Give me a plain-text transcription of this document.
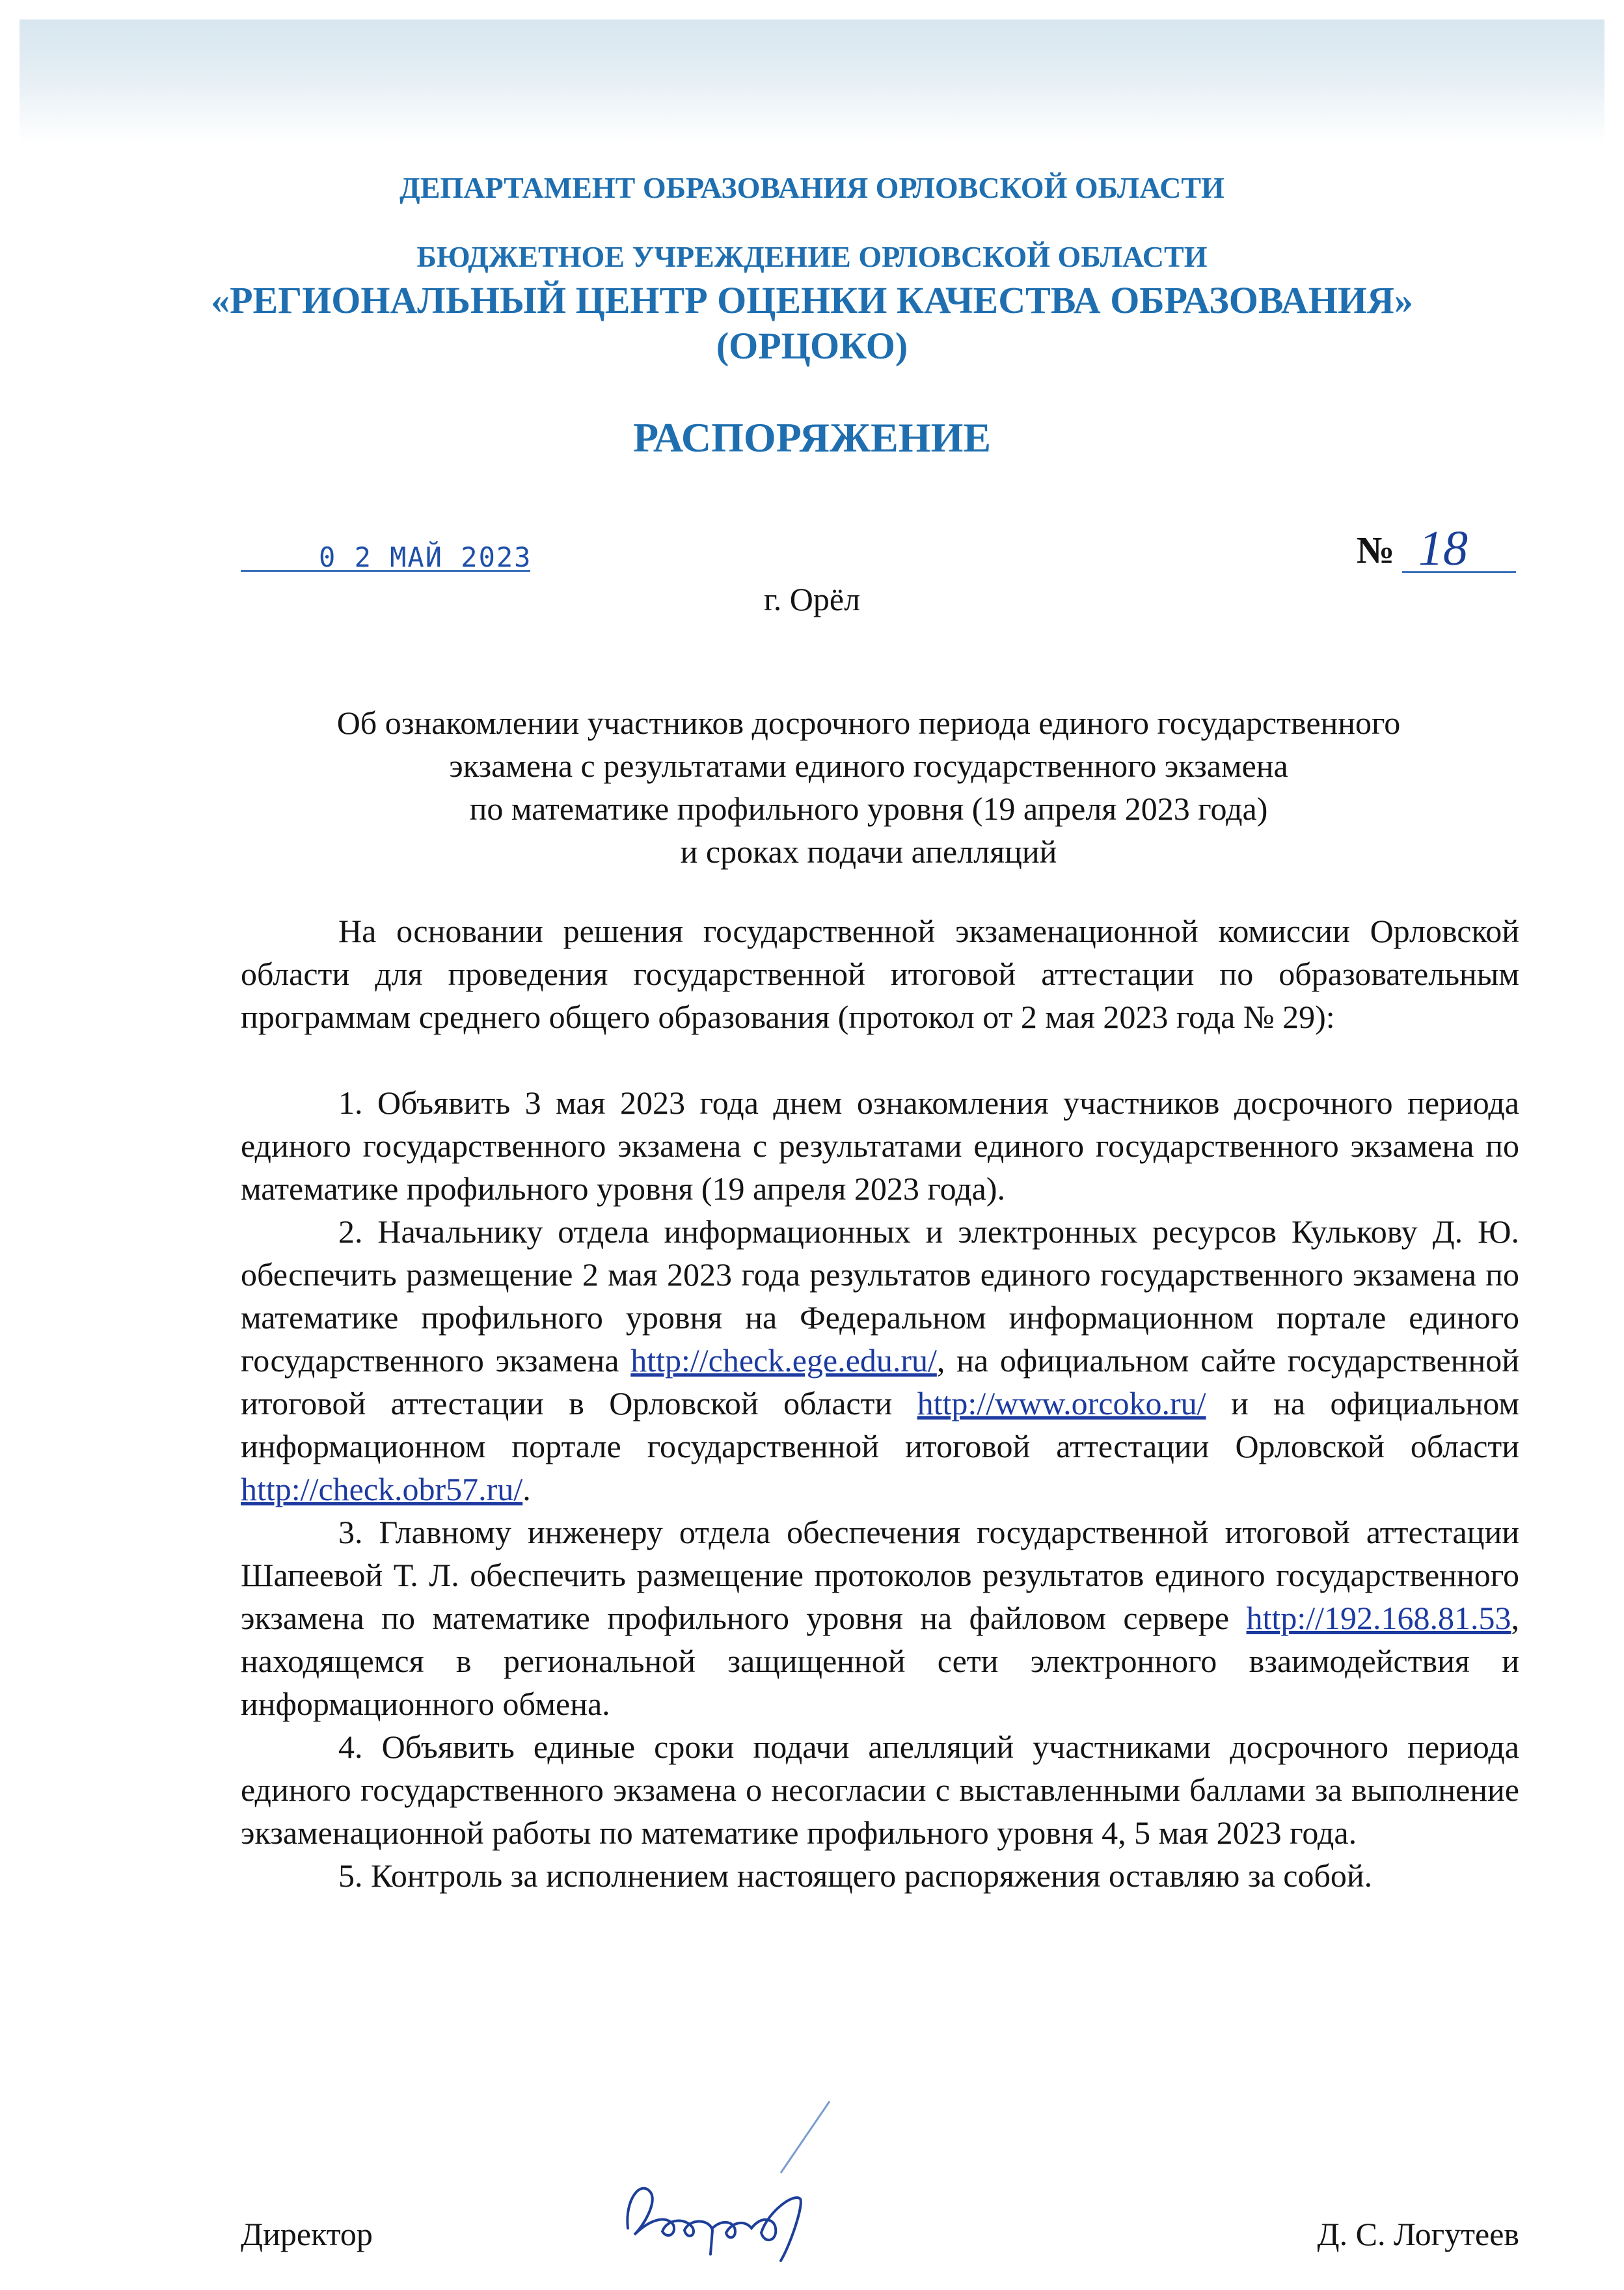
ДЕПАРТАМЕНТ ОБРАЗОВАНИЯ ОРЛОВСКОЙ ОБЛАСТИ
БЮДЖЕТНОЕ УЧРЕЖДЕНИЕ ОРЛОВСКОЙ ОБЛАСТИ
«РЕГИОНАЛЬНЫЙ ЦЕНТР ОЦЕНКИ КАЧЕСТВА ОБРАЗОВАНИЯ»
(ОРЦОКО)
РАСПОРЯЖЕНИЕ
0 2 МАЙ 2023	№ 18
г. Орёл
Об ознакомлении участников досрочного периода единого государственного
экзамена с результатами единого государственного экзамена
по математике профильного уровня (19 апреля 2023 года)
и сроках подачи апелляций

На основании решения государственной экзаменационной комиссии Орловской области для проведения государственной итоговой аттестации по образовательным программам среднего общего образования (протокол от 2 мая 2023 года № 29):

1. Объявить 3 мая 2023 года днем ознакомления участников досрочного периода единого государственного экзамена с результатами единого государственного экзамена по математике профильного уровня (19 апреля 2023 года).

2. Начальнику отдела информационных и электронных ресурсов Кулькову Д. Ю. обеспечить размещение 2 мая 2023 года результатов единого государственного экзамена по математике профильного уровня на Федеральном информационном портале единого государственного экзамена http://check.ege.edu.ru/, на официальном сайте государственной итоговой аттестации в Орловской области http://www.orcoko.ru/ и на официальном информационном портале государственной итоговой аттестации Орловской области http://check.obr57.ru/.

3. Главному инженеру отдела обеспечения государственной итоговой аттестации Шапеевой Т. Л. обеспечить размещение протоколов результатов единого государственного экзамена по математике профильного уровня на файловом сервере http://192.168.81.53, находящемся в региональной защищенной сети электронного взаимодействия и информационного обмена.

4. Объявить единые сроки подачи апелляций участниками досрочного периода единого государственного экзамена о несогласии с выставленными баллами за выполнение экзаменационной работы по математике профильного уровня 4, 5 мая 2023 года.

5. Контроль за исполнением настоящего распоряжения оставляю за собой.

Директор	Д. С. Логутеев
